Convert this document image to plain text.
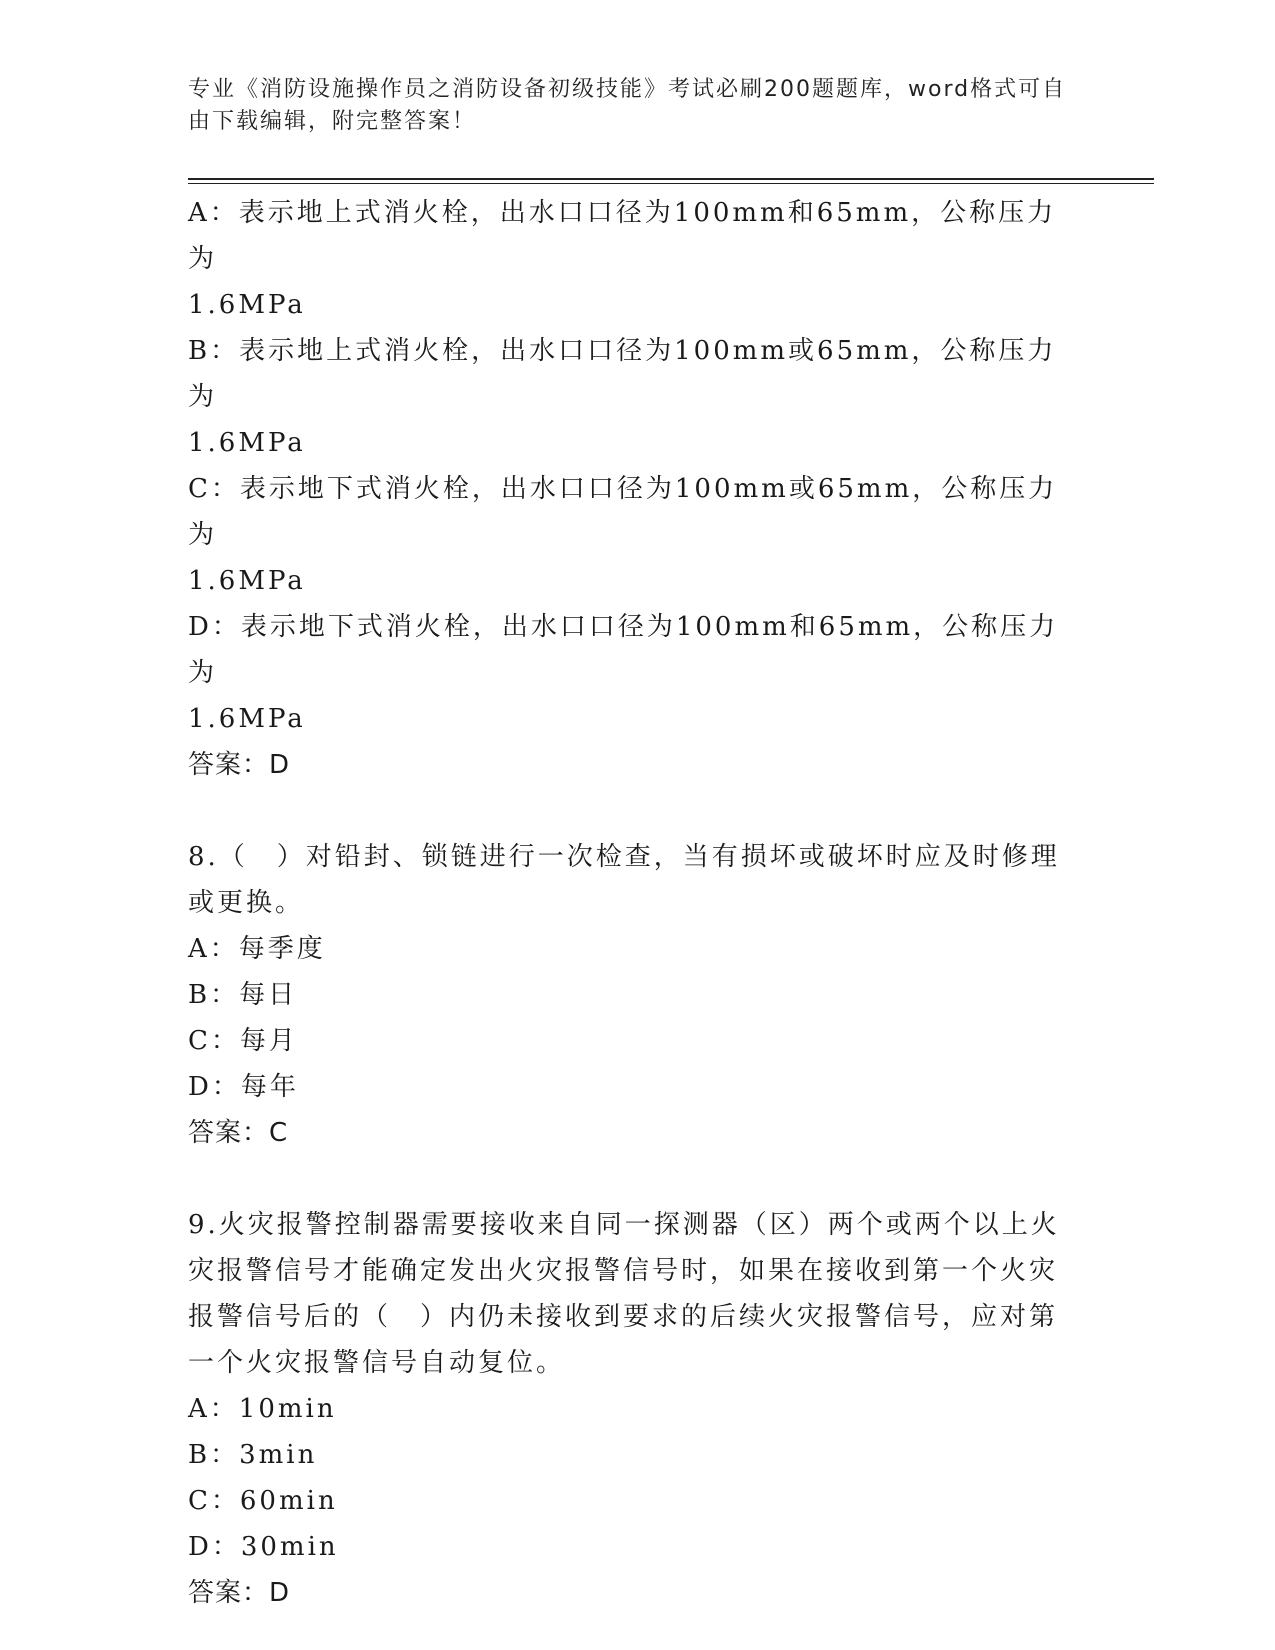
专业《消防设施操作员之消防设备初级技能》考试必刷200题题库，word格式可自由下载编辑，附完整答案！

A：表示地上式消火栓，出水口口径为100mm和65mm，公称压力为

1.6MPa

B：表示地上式消火栓，出水口口径为100mm或65mm，公称压力为

1.6MPa

C：表示地下式消火栓，出水口口径为100mm或65mm，公称压力为

1.6MPa

D：表示地下式消火栓，出水口口径为100mm和65mm，公称压力为

1.6MPa

答案：D

8.（　）对铅封、锁链进行一次检查，当有损坏或破坏时应及时修理

或更换。

A：每季度

B：每日

C：每月

D：每年

答案：C

9.火灾报警控制器需要接收来自同一探测器（区）两个或两个以上火

灾报警信号才能确定发出火灾报警信号时，如果在接收到第一个火灾

报警信号后的（　）内仍未接收到要求的后续火灾报警信号，应对第

一个火灾报警信号自动复位。

A：10min

B：3min

C：60min

D：30min

答案：D
